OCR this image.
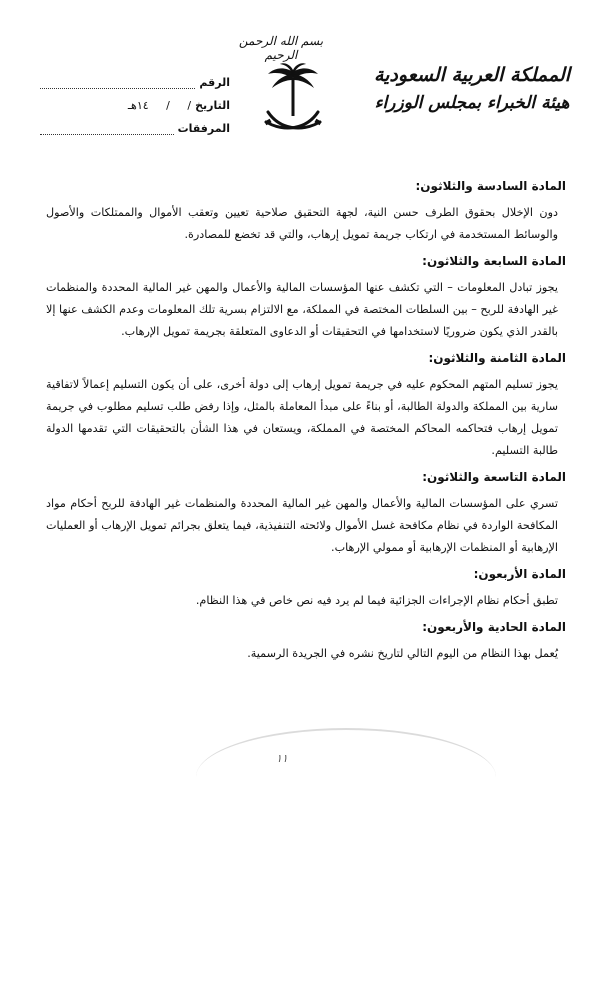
بسم الله الرحمن الرحيم
المملكة العربية السعودية
هيئة الخبراء بمجلس الوزراء
الرقم
التاريخ
/     /     ١٤هـ
المرفقات

المادة السادسة والثلاثون:

دون الإخلال بحقوق الطرف حسن النية، لجهة التحقيق صلاحية تعيين وتعقب الأموال والممتلكات والأصول والوسائط المستخدمة في ارتكاب جريمة تمويل إرهاب، والتي قد تخضع للمصادرة.

المادة السابعة والثلاثون:

يجوز تبادل المعلومات – التي تكشف عنها المؤسسات المالية والأعمال والمهن غير المالية المحددة والمنظمات غير الهادفة للربح – بين السلطات المختصة في المملكة، مع الالتزام بسرية تلك المعلومات وعدم الكشف عنها إلا بالقدر الذي يكون ضروريًا لاستخدامها في التحقيقات أو الدعاوى المتعلقة بجريمة تمويل الإرهاب.

المادة الثامنة والثلاثون:

يجوز تسليم المتهم المحكوم عليه في جريمة تمويل إرهاب إلى دولة أخرى، على أن يكون التسليم إعمالاً لاتفاقية سارية بين المملكة والدولة الطالبة، أو بناءً على مبدأ المعاملة بالمثل، وإذا رفض طلب تسليم مطلوب في جريمة تمويل إرهاب فتحاكمه المحاكم المختصة في المملكة، ويستعان في هذا الشأن بالتحقيقات التي تقدمها الدولة طالبة التسليم.

المادة التاسعة والثلاثون:

تسري على المؤسسات المالية والأعمال والمهن غير المالية المحددة والمنظمات غير الهادفة للربح أحكام مواد المكافحة الواردة في نظام مكافحة غسل الأموال ولائحته التنفيذية، فيما يتعلق بجرائم تمويل الإرهاب أو العمليات الإرهابية أو المنظمات الإرهابية أو ممولي الإرهاب.

المادة الأربعون:

تطبق أحكام نظام الإجراءات الجزائية فيما لم يرد فيه نص خاص في هذا النظام.

المادة الحادية والأربعون:

يُعمل بهذا النظام من اليوم التالي لتاريخ نشره في الجريدة الرسمية.

١١
